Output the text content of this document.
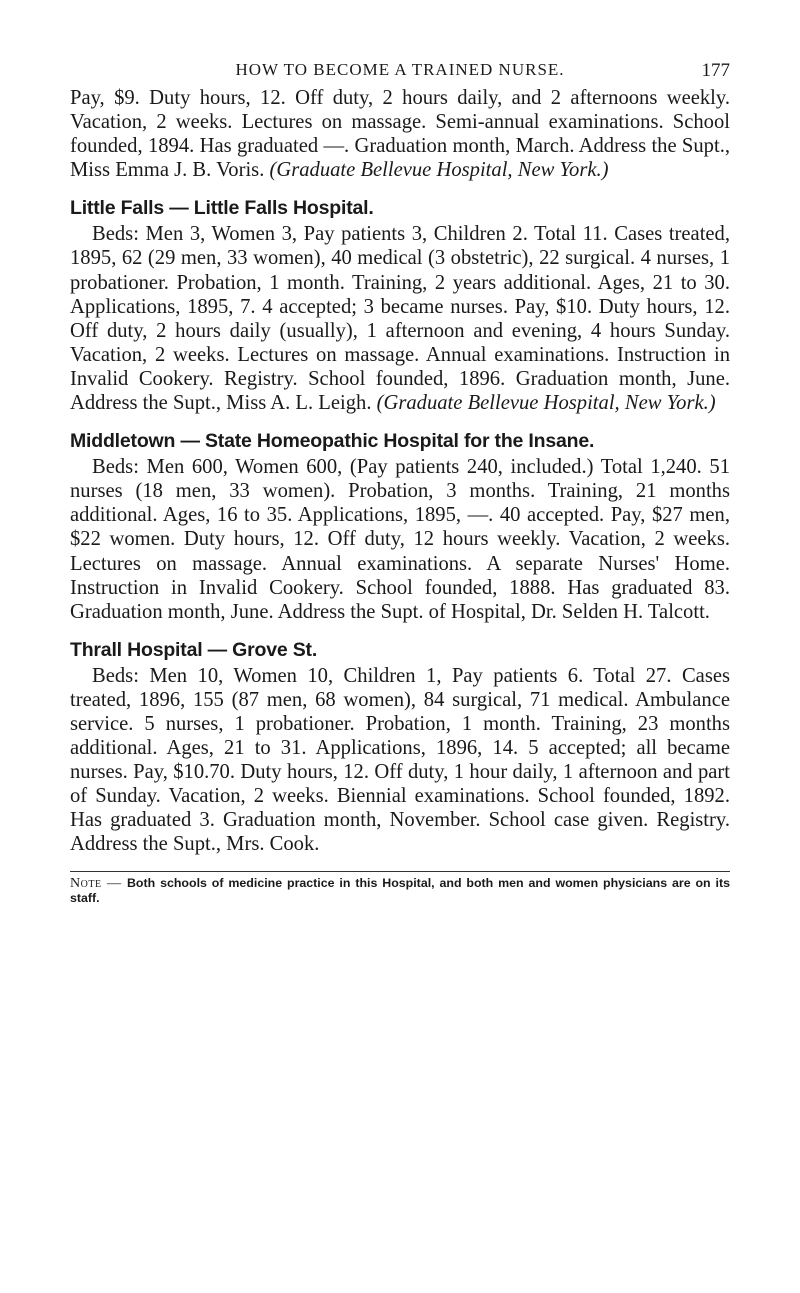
HOW TO BECOME A TRAINED NURSE.	177

Pay, $9. Duty hours, 12. Off duty, 2 hours daily, and 2 afternoons weekly. Vacation, 2 weeks. Lectures on massage. Semi-annual examinations. School founded, 1894. Has graduated —. Graduation month, March. Address the Supt., Miss Emma J. B. Voris. (Graduate Bellevue Hospital, New York.)

Little Falls — Little Falls Hospital.

Beds: Men 3, Women 3, Pay patients 3, Children 2. Total 11. Cases treated, 1895, 62 (29 men, 33 women), 40 medical (3 obstetric), 22 surgical. 4 nurses, 1 probationer. Probation, 1 month. Training, 2 years additional. Ages, 21 to 30. Applications, 1895, 7. 4 accepted; 3 became nurses. Pay, $10. Duty hours, 12. Off duty, 2 hours daily (usually), 1 afternoon and evening, 4 hours Sunday. Vacation, 2 weeks. Lectures on massage. Annual examinations. Instruction in Invalid Cookery. Registry. School founded, 1896. Graduation month, June. Address the Supt., Miss A. L. Leigh. (Graduate Bellevue Hospital, New York.)

Middletown — State Homeopathic Hospital for the Insane.

Beds: Men 600, Women 600, (Pay patients 240, included.) Total 1,240. 51 nurses (18 men, 33 women). Probation, 3 months. Training, 21 months additional. Ages, 16 to 35. Applications, 1895, —. 40 accepted. Pay, $27 men, $22 women. Duty hours, 12. Off duty, 12 hours weekly. Vacation, 2 weeks. Lectures on massage. Annual examinations. A separate Nurses' Home. Instruction in Invalid Cookery. School founded, 1888. Has graduated 83. Graduation month, June. Address the Supt. of Hospital, Dr. Selden H. Talcott.

Thrall Hospital — Grove St.

Beds: Men 10, Women 10, Children 1, Pay patients 6. Total 27. Cases treated, 1896, 155 (87 men, 68 women), 84 surgical, 71 medical. Ambulance service. 5 nurses, 1 probationer. Probation, 1 month. Training, 23 months additional. Ages, 21 to 31. Applications, 1896, 14. 5 accepted; all became nurses. Pay, $10.70. Duty hours, 12. Off duty, 1 hour daily, 1 afternoon and part of Sunday. Vacation, 2 weeks. Biennial examinations. School founded, 1892. Has graduated 3. Graduation month, November. School case given. Registry. Address the Supt., Mrs. Cook.

Note — Both schools of medicine practice in this Hospital, and both men and women physicians are on its staff.
